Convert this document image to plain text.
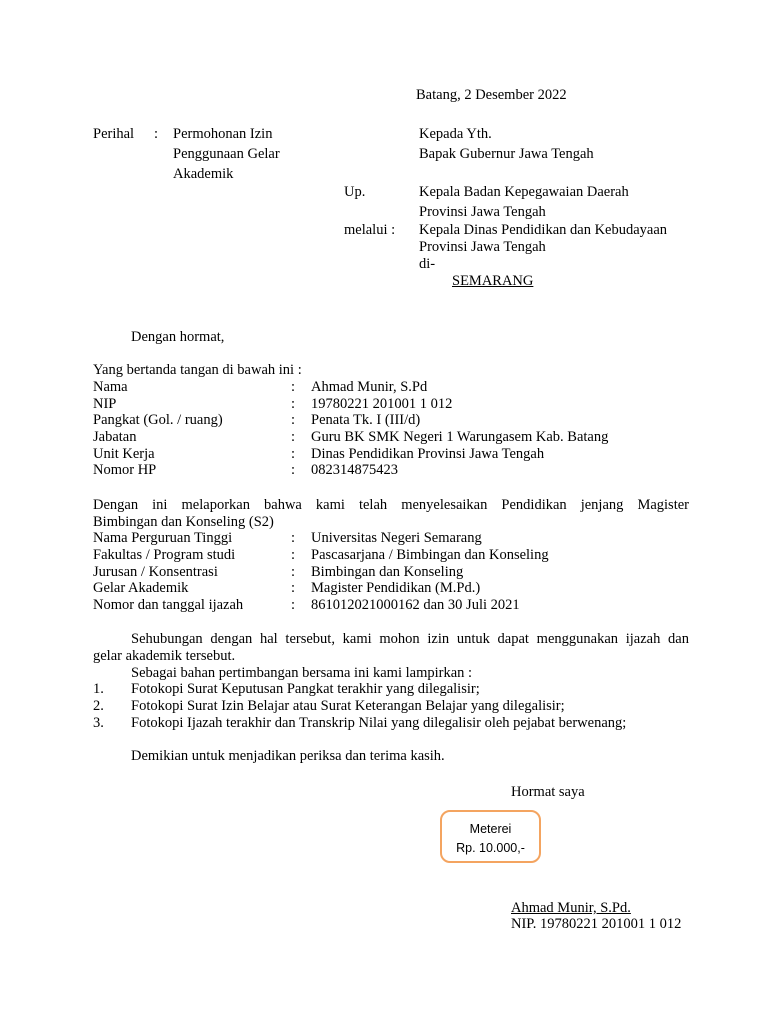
Batang, 2 Desember 2022
Perihal : Permohonan Izin
Penggunaan Gelar
Akademik
Kepada Yth.
Bapak Gubernur Jawa Tengah
Up.	Kepala Badan Kepegawaian Daerah
Provinsi Jawa Tengah
melalui : Kepala Dinas Pendidikan dan Kebudayaan
Provinsi Jawa Tengah
di-
SEMARANG
Dengan hormat,
Yang bertanda tangan di bawah ini :
Nama	: Ahmad Munir, S.Pd
NIP	: 19780221 201001 1 012
Pangkat (Gol. / ruang)	: Penata Tk. I (III/d)
Jabatan	: Guru BK SMK Negeri 1 Warungasem Kab. Batang
Unit Kerja	: Dinas Pendidikan Provinsi Jawa Tengah
Nomor HP	: 082314875423
Dengan ini melaporkan bahwa kami telah menyelesaikan Pendidikan jenjang Magister
Bimbingan dan Konseling (S2)
Nama Perguruan Tinggi	: Universitas Negeri Semarang
Fakultas / Program studi	: Pascasarjana / Bimbingan dan Konseling
Jurusan / Konsentrasi	: Bimbingan dan Konseling
Gelar Akademik	: Magister Pendidikan (M.Pd.)
Nomor dan tanggal ijazah	: 861012021000162 dan 30 Juli 2021
Sehubungan dengan hal tersebut, kami mohon izin untuk dapat menggunakan ijazah dan
gelar akademik tersebut.
Sebagai bahan pertimbangan bersama ini kami lampirkan :
1. Fotokopi Surat Keputusan Pangkat terakhir yang dilegalisir;
2. Fotokopi Surat Izin Belajar atau Surat Keterangan Belajar yang dilegalisir;
3. Fotokopi Ijazah terakhir dan Transkrip Nilai yang dilegalisir oleh pejabat berwenang;
Demikian untuk menjadikan periksa dan terima kasih.
Hormat saya
Meterei
Rp. 10.000,-
Ahmad Munir, S.Pd.
NIP. 19780221 201001 1 012
